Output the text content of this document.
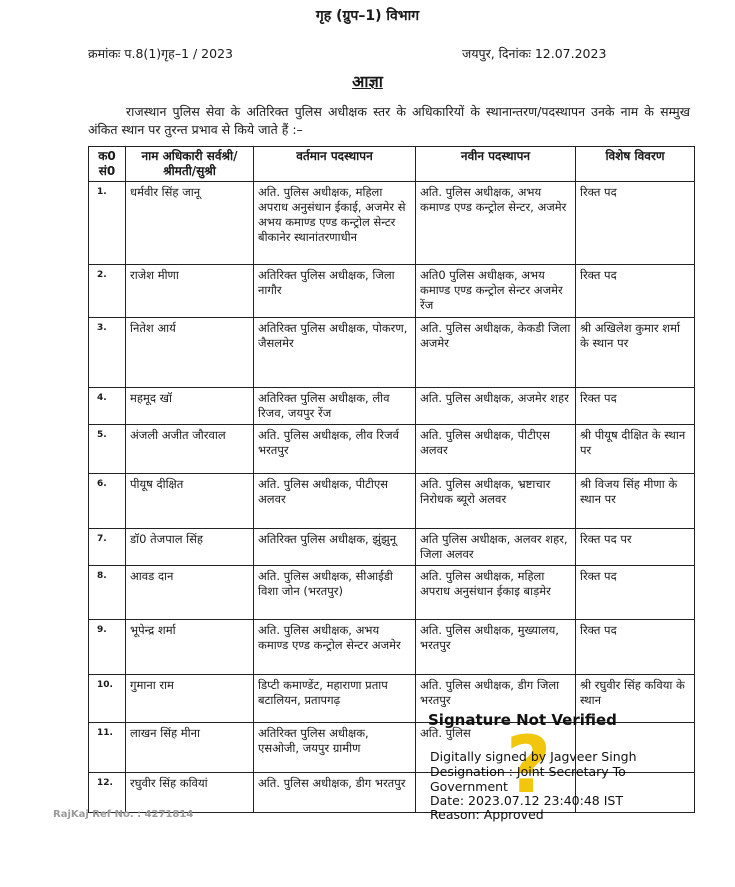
गृह (ग्रुप–1) विभाग
क्रमांकः प.8(1)गृह–1 / 2023	जयपुर, दिनांकः 12.07.2023
आज्ञा
राजस्थान पुलिस सेवा के अतिरिक्त पुलिस अधीक्षक स्तर के अधिकारियों के स्थानान्तरण/पदस्थापन उनके नाम के सम्मुख अंकित स्थान पर तुरन्त प्रभाव से किये जाते हैं :–
क0 सं0	नाम अधिकारी सर्वश्री/श्रीमती/सुश्री	वर्तमान पदस्थापन	नवीन पदस्थापन	विशेष विवरण
1.	धर्मवीर सिंह जानू	अति. पुलिस अधीक्षक, महिला अपराध अनुसंधान ईकाई, अजमेर से अभय कमाण्ड एण्ड कन्ट्रोल सेन्टर बीकानेर स्थानांतरणाधीन	अति. पुलिस अधीक्षक, अभय कमाण्ड एण्ड कन्ट्रोल सेन्टर, अजमेर	रिक्त पद
2.	राजेश मीणा	अतिरिक्त पुलिस अधीक्षक, जिला नागौर	अति0 पुलिस अधीक्षक, अभय कमाण्ड एण्ड कन्ट्रोल सेन्टर अजमेर रेंज	रिक्त पद
3.	नितेश आर्य	अतिरिक्त पुलिस अधीक्षक, पोकरण, जैसलमेर	अति. पुलिस अधीक्षक, केकडी जिला अजमेर	श्री अखिलेश कुमार शर्मा के स्थान पर
4.	महमूद खॉ	अतिरिक्त पुलिस अधीक्षक, लीव रिजव, जयपुर रेंज	अति. पुलिस अधीक्षक, अजमेर शहर	रिक्त पद
5.	अंजली अजीत जौरवाल	अति. पुलिस अधीक्षक, लीव रिजर्व भरतपुर	अति. पुलिस अधीक्षक, पीटीएस अलवर	श्री पीयूष दीक्षित के स्थान पर
6.	पीयूष दीक्षित	अति. पुलिस अधीक्षक, पीटीएस अलवर	अति. पुलिस अधीक्षक, भ्रष्टाचार निरोधक ब्यूरो अलवर	श्री विजय सिंह मीणा के स्थान पर
7.	डॉ0 तेजपाल सिंह	अतिरिक्त पुलिस अधीक्षक, झुंझुनू	अति पुलिस अधीक्षक, अलवर शहर, जिला अलवर	रिक्त पद पर
8.	आवड दान	अति. पुलिस अधीक्षक, सीआईडी विशा जोन (भरतपुर)	अति. पुलिस अधीक्षक, महिला अपराध अनुसंधान ईकाइ बाड़मेर	रिक्त पद
9.	भूपेन्द्र शर्मा	अति. पुलिस अधीक्षक, अभय कमाण्ड एण्ड कन्ट्रोल सेन्टर अजमेर	अति. पुलिस अधीक्षक, मुख्यालय, भरतपुर	रिक्त पद
10.	गुमाना राम	डिप्टी कमाण्डेंट, महाराणा प्रताप बटालियन, प्रतापगढ़	अति. पुलिस अधीक्षक, डीग जिला भरतपुर	श्री रघुवीर सिंह कविया के स्थान
11.	लाखन सिंह मीना	अतिरिक्त पुलिस अधीक्षक, एसओजी, जयपुर ग्रामीण	अति. पुलिस	
12.	रघुवीर सिंह कवियां	अति. पुलिस अधीक्षक, डीग भरतपुर		
RajKaj Ref No. : 4271814
?
Signature Not Verified
Digitally signed by Jagveer Singh
Designation : Joint Secretary To
Government
Date: 2023.07.12 23:40:48 IST
Reason: Approved
